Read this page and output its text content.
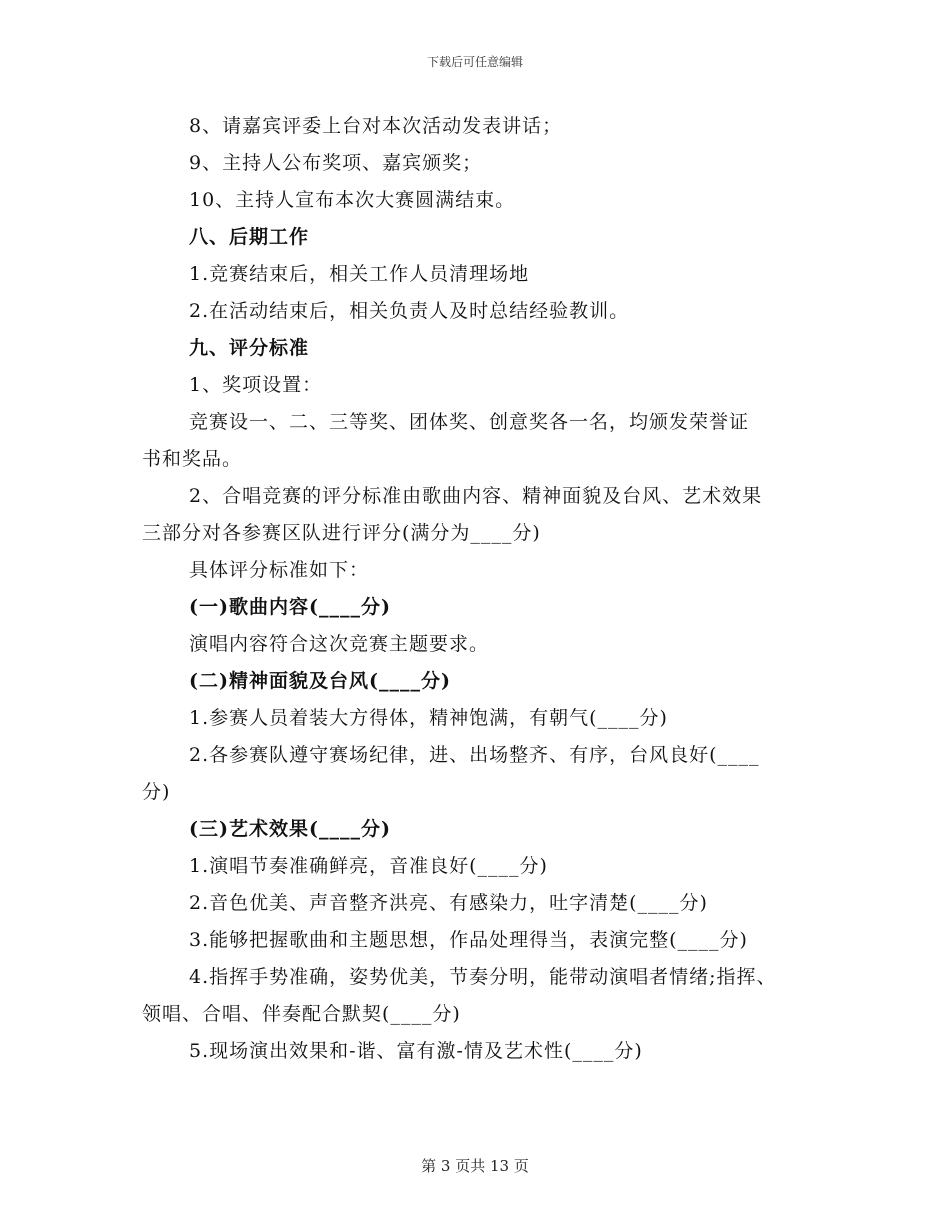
下载后可任意编辑
8、请嘉宾评委上台对本次活动发表讲话；
9、主持人公布奖项、嘉宾颁奖；
10、主持人宣布本次大赛圆满结束。
八、后期工作
1.竞赛结束后，相关工作人员清理场地
2.在活动结束后，相关负责人及时总结经验教训。
九、评分标准
1、奖项设置：
竞赛设一、二、三等奖、团体奖、创意奖各一名，均颁发荣誉证
书和奖品。
2、合唱竞赛的评分标准由歌曲内容、精神面貌及台风、艺术效果
三部分对各参赛区队进行评分(满分为____分)
具体评分标准如下：
(一)歌曲内容(____分)
演唱内容符合这次竞赛主题要求。
(二)精神面貌及台风(____分)
1.参赛人员着装大方得体，精神饱满，有朝气(____分)
2.各参赛队遵守赛场纪律，进、出场整齐、有序，台风良好(____
分)
(三)艺术效果(____分)
1.演唱节奏准确鲜亮，音准良好(____分)
2.音色优美、声音整齐洪亮、有感染力，吐字清楚(____分)
3.能够把握歌曲和主题思想，作品处理得当，表演完整(____分)
4.指挥手势准确，姿势优美，节奏分明，能带动演唱者情绪;指挥、
领唱、合唱、伴奏配合默契(____分)
5.现场演出效果和-谐、富有激-情及艺术性(____分)
第 3 页共 13 页
